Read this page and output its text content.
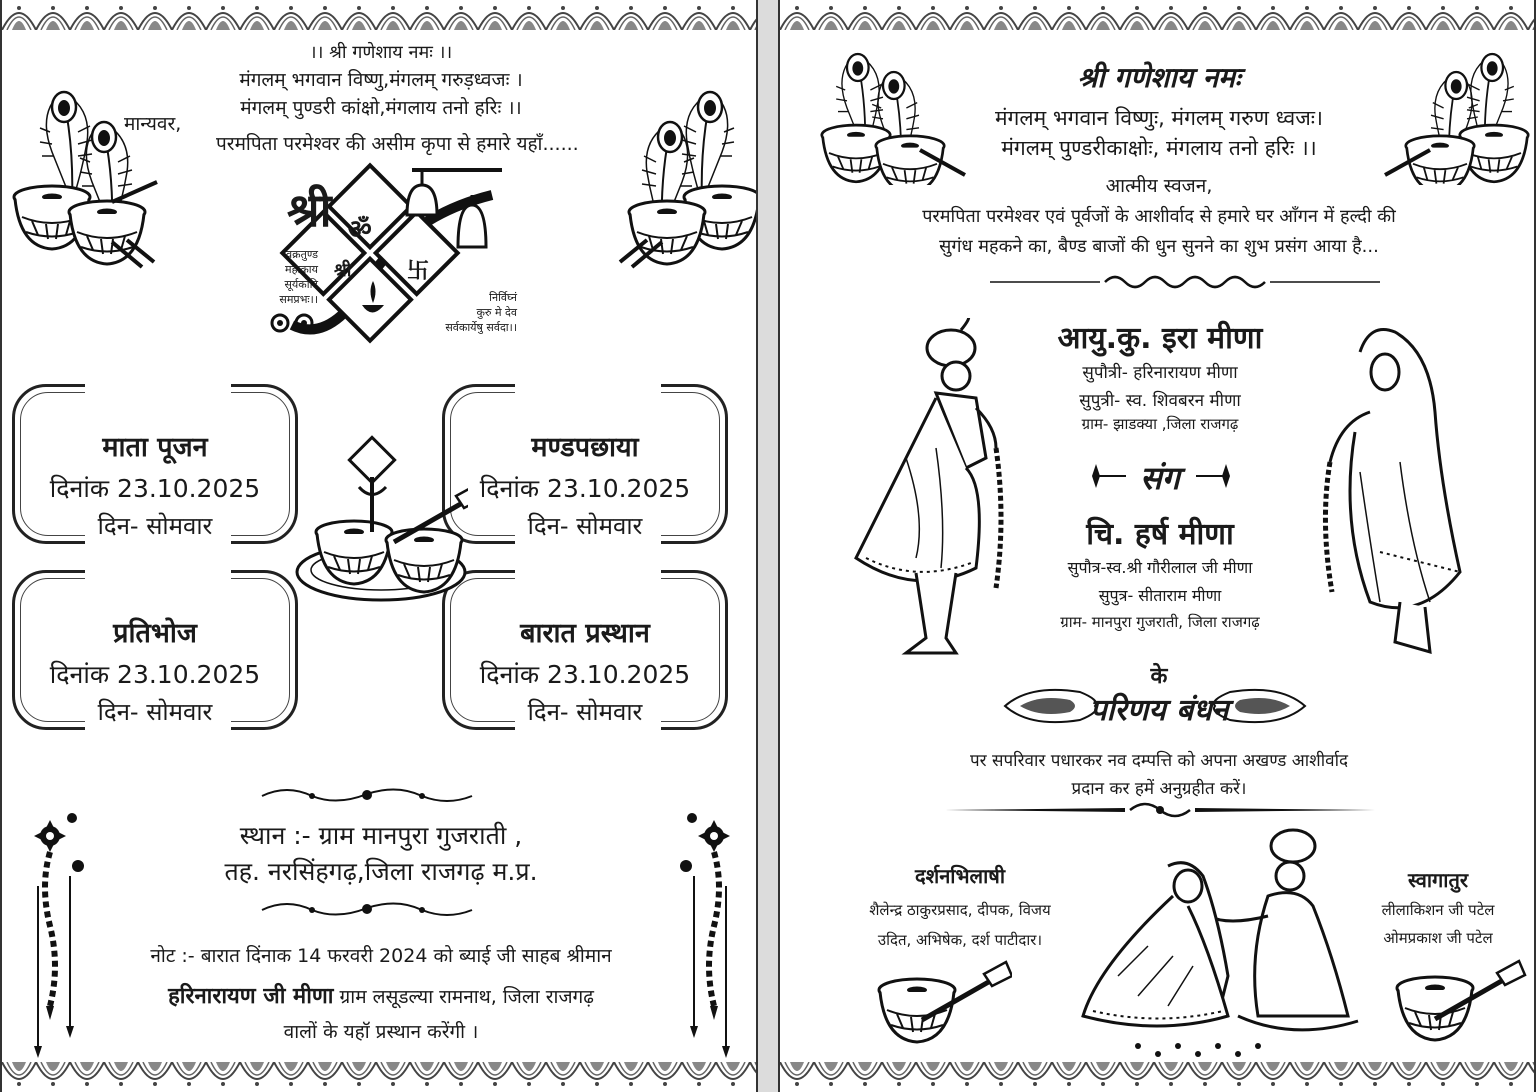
।। श्री गणेशाय नमः ।।
मंगलम् भगवान विष्णु,मंगलम् गरुड़ध्वजः ।
मंगलम् पुण्डरी कांक्षो,मंगलाय तनो हरिः ।।
मान्यवर,
परमपिता परमेश्वर की असीम कृपा से हमारे यहाँ......
श्री ॐ
श्री	卐
वक्रतुण्ड
महाकाय
सूर्यकोटि
समप्रभः।।	निर्विघ्नं
कुरु मे देव
सर्वकार्येषु सर्वदा।।
माता पूजन
दिनांक 23.10.2025
दिन- सोमवार
मण्डपछाया
दिनांक 23.10.2025
दिन- सोमवार
प्रतिभोज
दिनांक 23.10.2025
दिन- सोमवार
बारात प्रस्थान
दिनांक 23.10.2025
दिन- सोमवार
स्थान :- ग्राम मानपुरा गुजराती ,
तह. नरसिंहगढ़,जिला राजगढ़ म.प्र.
नोट :- बारात दिंनाक 14 फरवरी 2024 को ब्याई जी साहब श्रीमान
हरिनारायण जी मीणा ग्राम लसूडल्या रामनाथ, जिला राजगढ़
वालों के यहॉ प्रस्थान करेंगी ।
श्री गणेशाय नमः
मंगलम् भगवान विष्णुः, मंगलम् गरुण ध्वजः।
मंगलम् पुण्डरीकाक्षोः, मंगलाय तनो हरिः ।।
आत्मीय स्वजन,
परमपिता परमेश्वर एवं पूर्वजों के आशीर्वाद से हमारे घर आँगन में हल्दी की
सुगंध महकने का, बैण्ड बाजों की धुन सुनने का शुभ प्रसंग आया है...
आयु.कु. इरा मीणा
सुपौत्री- हरिनारायण मीणा
सुपुत्री- स्व. शिवबरन मीणा
ग्राम- झाडक्या ,जिला राजगढ़
संग
चि. हर्ष मीणा
सुपौत्र-स्व.श्री गौरीलाल जी मीणा
सुपुत्र- सीताराम मीणा
ग्राम- मानपुरा गुजराती, जिला राजगढ़
के
परिणय बंधन
पर सपरिवार पधारकर नव दम्पत्ति को अपना अखण्ड आशीर्वाद
प्रदान कर हमें अनुग्रहीत करें।
दर्शनभिलाषी
शैलेन्द्र ठाकुरप्रसाद, दीपक, विजय
उदित, अभिषेक, दर्श पाटीदार।
स्वागातुर
लीलाकिशन जी पटेल
ओमप्रकाश जी पटेल
